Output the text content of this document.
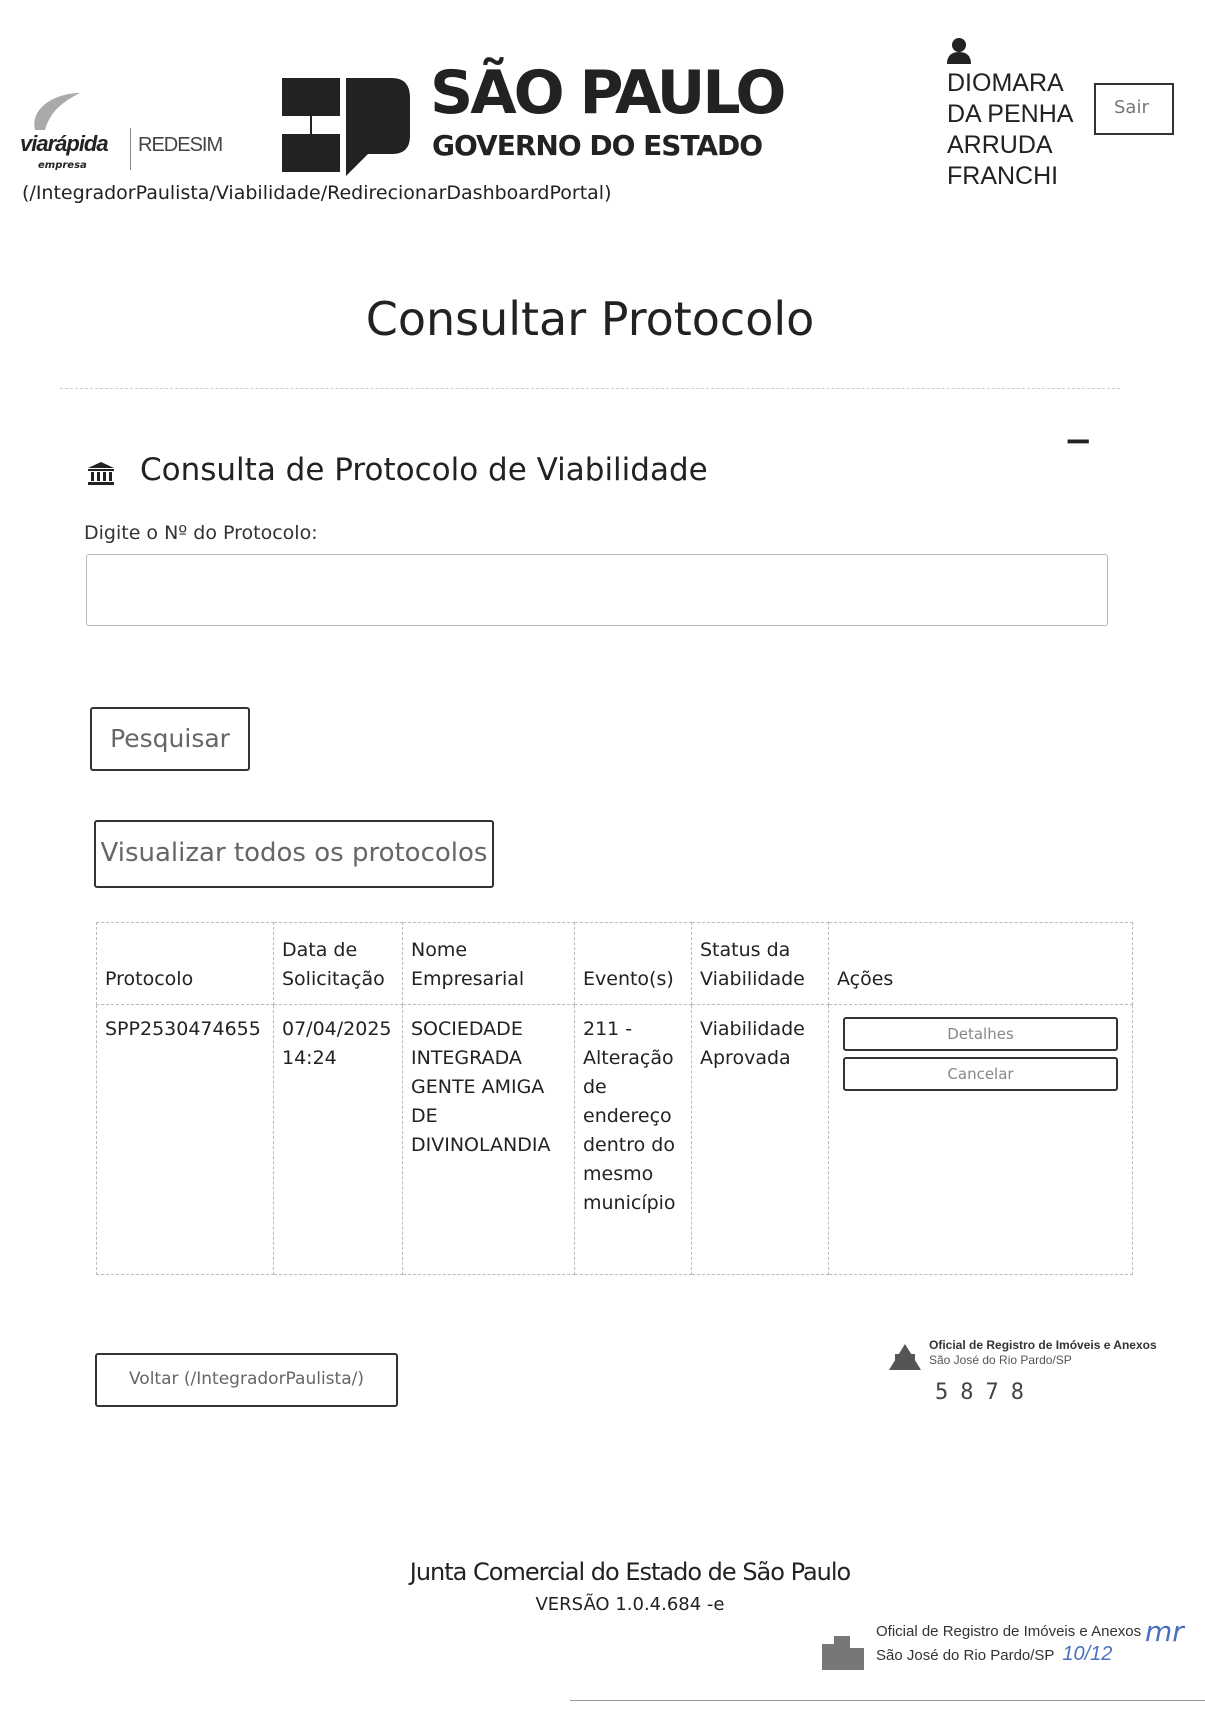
viarápida
empresa
REDESIM
SÃO PAULO
GOVERNO DO ESTADO
(/IntegradorPaulista/Viabilidade/RedirecionarDashboardPortal)
DIOMARA
DA PENHA
ARRUDA
FRANCHI
Sair
Consultar Protocolo
Consulta de Protocolo de Viabilidade
−
Digite o Nº do Protocolo:
Pesquisar
Visualizar todos os protocolos
Protocolo	Data de Solicitação	Nome Empresarial	Evento(s)	Status da Viabilidade	Ações
SPP2530474655	07/04/2025 14:24	SOCIEDADE INTEGRADA GENTE AMIGA DE DIVINOLANDIA	211 - Alteração de endereço dentro do mesmo município	Viabilidade Aprovada	Detalhes
Cancelar
Voltar (/IntegradorPaulista/)
Oficial de Registro de Imóveis e Anexos
São José do Rio Pardo/SP
5878
Junta Comercial do Estado de São Paulo
VERSÃO 1.0.4.684 -e
Oficial de Registro de Imóveis e Anexos
São José do Rio Pardo/SP 10/12
mr
